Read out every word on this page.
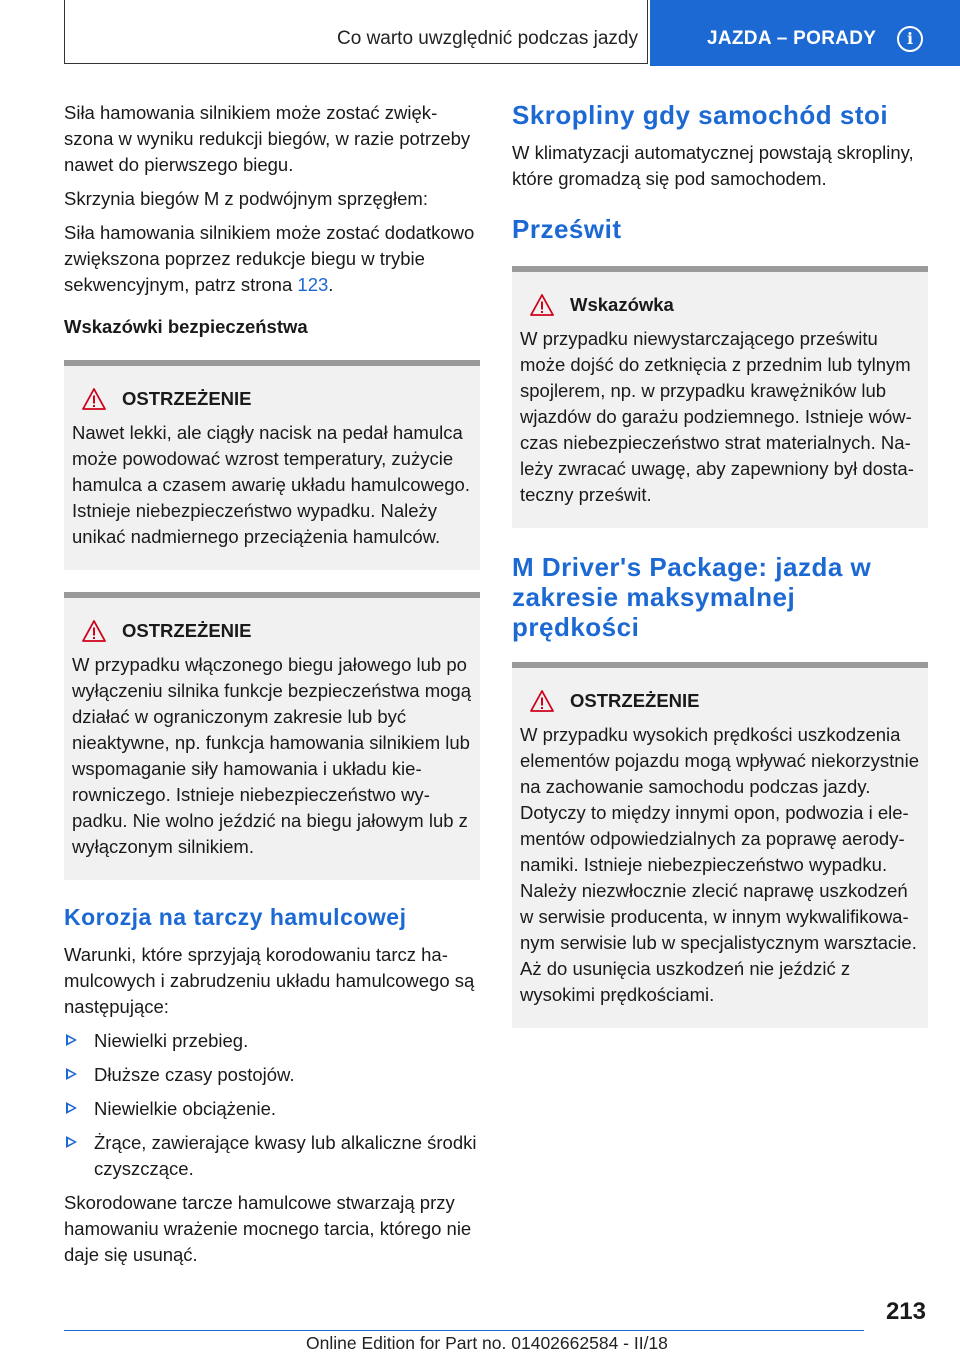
Co warto uwzględnić podczas jazdy	JAZDA – PORADY	i

Siła hamowania silnikiem może zostać zwiększona w wyniku redukcji biegów, w razie potrzeby nawet do pierwszego biegu.

Skrzynia biegów M z podwójnym sprzęgłem:

Siła hamowania silnikiem może zostać dodatkowo zwiększona poprzez redukcje biegu w trybie sekwencyjnym, patrz strona 123.

Wskazówki bezpieczeństwa
OSTRZEŻENIE

Nawet lekki, ale ciągły nacisk na pedał hamulca może powodować wzrost temperatury, zużycie hamulca a czasem awarię układu hamulcowego. Istnieje niebezpieczeństwo wypadku. Należy unikać nadmiernego przeciążenia hamulców.

OSTRZEŻENIE

W przypadku włączonego biegu jałowego lub po wyłączeniu silnika funkcje bezpieczeństwa mogą działać w ograniczonym zakresie lub być nieaktywne, np. funkcja hamowania silnikiem lub wspomaganie siły hamowania i układu kierowniczego. Istnieje niebezpieczeństwo wypadku. Nie wolno jeździć na biegu jałowym lub z wyłączonym silnikiem.

Korozja na tarczy hamulcowej

Warunki, które sprzyjają korodowaniu tarcz hamulcowych i zabrudzeniu układu hamulcowego są następujące:

Niewielki przebieg.
Dłuższe czasy postojów.
Niewielkie obciążenie.
Żrące, zawierające kwasy lub alkaliczne środki czyszczące.

Skorodowane tarcze hamulcowe stwarzają przy hamowaniu wrażenie mocnego tarcia, którego nie daje się usunąć.

Skropliny gdy samochód stoi

W klimatyzacji automatycznej powstają skropliny, które gromadzą się pod samochodem.

Prześwit
Wskazówka

W przypadku niewystarczającego prześwitu może dojść do zetknięcia z przednim lub tylnym spojlerem, np. w przypadku krawężników lub wjazdów do garażu podziemnego. Istnieje wówczas niebezpieczeństwo strat materialnych. Należy zwracać uwagę, aby zapewniony był dostateczny prześwit.

M Driver's Package: jazda w zakresie maksymalnej prędkości
OSTRZEŻENIE

W przypadku wysokich prędkości uszkodzenia elementów pojazdu mogą wpływać niekorzystnie na zachowanie samochodu podczas jazdy. Dotyczy to między innymi opon, podwozia i elementów odpowiedzialnych za poprawę aerodynamiki. Istnieje niebezpieczeństwo wypadku. Należy niezwłocznie zlecić naprawę uszkodzeń w serwisie producenta, w innym wykwalifikowanym serwisie lub w specjalistycznym warsztacie. Aż do usunięcia uszkodzeń nie jeździć z wysokimi prędkościami.

213
Online Edition for Part no. 01402662584 - II/18
